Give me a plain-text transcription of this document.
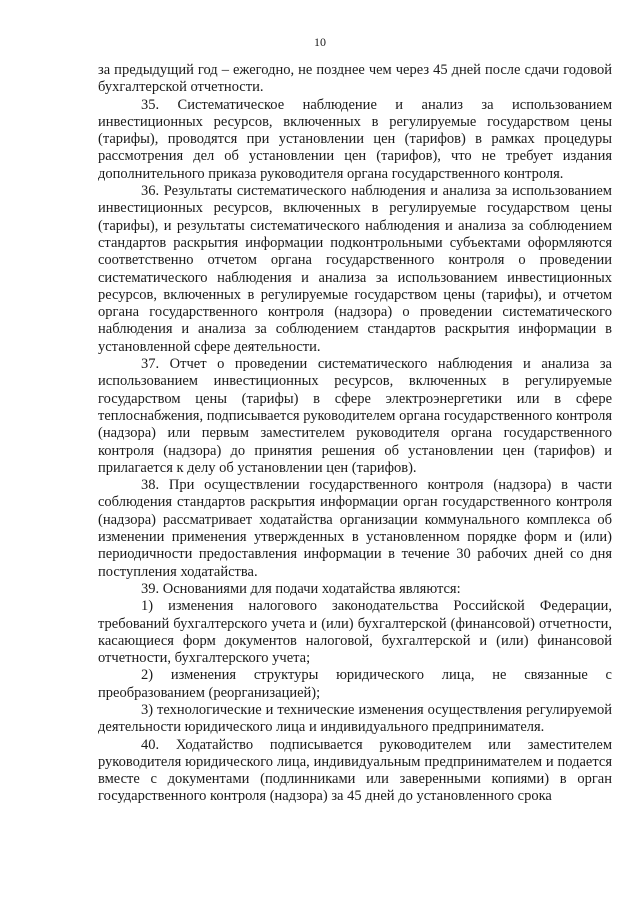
10

за предыдущий год – ежегодно, не позднее чем через 45 дней после сдачи годовой бухгалтерской отчетности.

35. Систематическое наблюдение и анализ за использованием инвестиционных ресурсов, включенных в регулируемые государством цены (тарифы), проводятся при установлении цен (тарифов) в рамках процедуры рассмотрения дел об установлении цен (тарифов), что не требует издания дополнительного приказа руководителя органа государственного контроля.

36. Результаты систематического наблюдения и анализа за использованием инвестиционных ресурсов, включенных в регулируемые государством цены (тарифы), и результаты систематического наблюдения и анализа за соблюдением стандартов раскрытия информации подконтрольными субъектами оформляются соответственно отчетом органа государственного контроля о проведении систематического наблюдения и анализа за использованием инвестиционных ресурсов, включенных в регулируемые государством цены (тарифы), и отчетом органа государственного контроля (надзора) о проведении систематического наблюдения и анализа за соблюдением стандартов раскрытия информации в установленной сфере деятельности.

37. Отчет о проведении систематического наблюдения и анализа за использованием инвестиционных ресурсов, включенных в регулируемые государством цены (тарифы) в сфере электроэнергетики или в сфере теплоснабжения, подписывается руководителем органа государственного контроля (надзора) или первым заместителем руководителя органа государственного контроля (надзора) до принятия решения об установлении цен (тарифов) и прилагается к делу об установлении цен (тарифов).

38. При осуществлении государственного контроля (надзора) в части соблюдения стандартов раскрытия информации орган государственного контроля (надзора) рассматривает ходатайства организации коммунального комплекса об изменении применения утвержденных в установленном порядке форм и (или) периодичности предоставления информации в течение 30 рабочих дней со дня поступления ходатайства.

39. Основаниями для подачи ходатайства являются:

1) изменения налогового законодательства Российской Федерации, требований бухгалтерского учета и (или) бухгалтерской (финансовой) отчетности, касающиеся форм документов налоговой, бухгалтерской и (или) финансовой отчетности, бухгалтерского учета;

2) изменения структуры юридического лица, не связанные с преобразованием (реорганизацией);

3) технологические и технические изменения осуществления регулируемой деятельности юридического лица и индивидуального предпринимателя.

40. Ходатайство подписывается руководителем или заместителем руководителя юридического лица, индивидуальным предпринимателем и подается вместе с документами (подлинниками или заверенными копиями) в орган государственного контроля (надзора) за 45 дней до установленного срока
